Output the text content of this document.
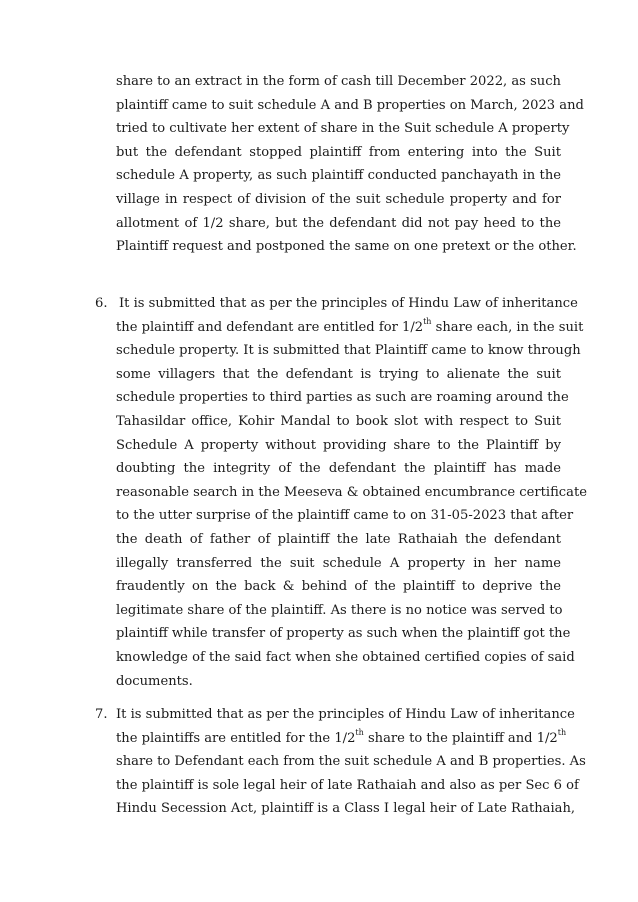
share to an extract in the form of cash till December 2022, as such
plaintiff came to suit schedule A and B properties on March, 2023 and
tried to cultivate her extent of share in the Suit schedule A property
but the defendant stopped plaintiff from entering into the Suit
schedule A property, as such plaintiff conducted panchayath in the
village in respect of division of the suit schedule property and for
allotment of 1/2 share, but the defendant did not pay heed to the
Plaintiff request and postponed the same on one pretext or the other.
6. It is submitted that as per the principles of Hindu Law of inheritance
the plaintiff and defendant are entitled for 1/2th share each, in the suit
schedule property. It is submitted that Plaintiff came to know through
some villagers that the defendant is trying to alienate the suit
schedule properties to third parties as such are roaming around the
Tahasildar office, Kohir Mandal to book slot with respect to Suit
Schedule A property without providing share to the Plaintiff by
doubting the integrity of the defendant the plaintiff has made
reasonable search in the Meeseva & obtained encumbrance certificate
to the utter surprise of the plaintiff came to on 31-05-2023 that after
the death of father of plaintiff the late Rathaiah the defendant
illegally transferred the suit schedule A property in her name
fraudently on the back & behind of the plaintiff to deprive the
legitimate share of the plaintiff. As there is no notice was served to
plaintiff while transfer of property as such when the plaintiff got the
knowledge of the said fact when she obtained certified copies of said
documents.
7. It is submitted that as per the principles of Hindu Law of inheritance
the plaintiffs are entitled for the 1/2th share to the plaintiff and 1/2th
share to Defendant each from the suit schedule A and B properties. As
the plaintiff is sole legal heir of late Rathaiah and also as per Sec 6 of
Hindu Secession Act, plaintiff is a Class I legal heir of Late Rathaiah,
